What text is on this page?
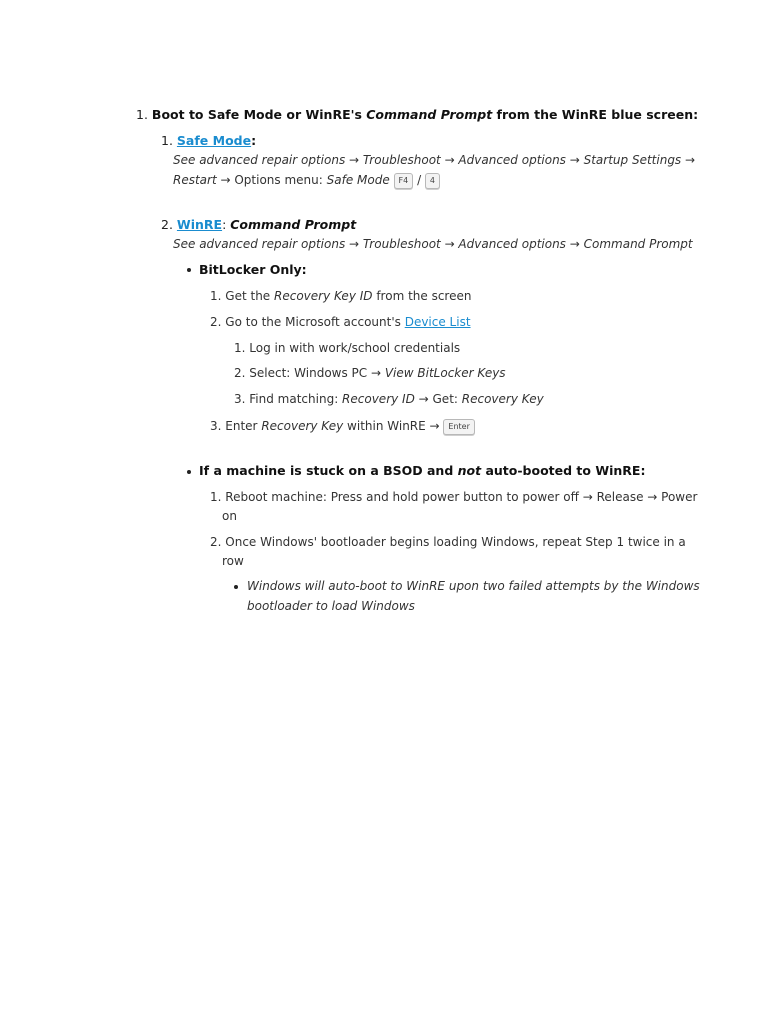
1. Boot to Safe Mode or WinRE's Command Prompt from the WinRE blue screen:
1. Safe Mode:
See advanced repair options → Troubleshoot → Advanced options → Startup Settings →
Restart → Options menu: Safe Mode F4 / 4
2. WinRE: Command Prompt
See advanced repair options → Troubleshoot → Advanced options → Command Prompt
BitLocker Only:
1. Get the Recovery Key ID from the screen
2. Go to the Microsoft account's Device List
1. Log in with work/school credentials
2. Select: Windows PC → View BitLocker Keys
3. Find matching: Recovery ID → Get: Recovery Key
3. Enter Recovery Key within WinRE → Enter
If a machine is stuck on a BSOD and not auto-booted to WinRE:
1. Reboot machine: Press and hold power button to power off → Release → Power
on
2. Once Windows' bootloader begins loading Windows, repeat Step 1 twice in a
row
Windows will auto-boot to WinRE upon two failed attempts by the Windows
bootloader to load Windows
